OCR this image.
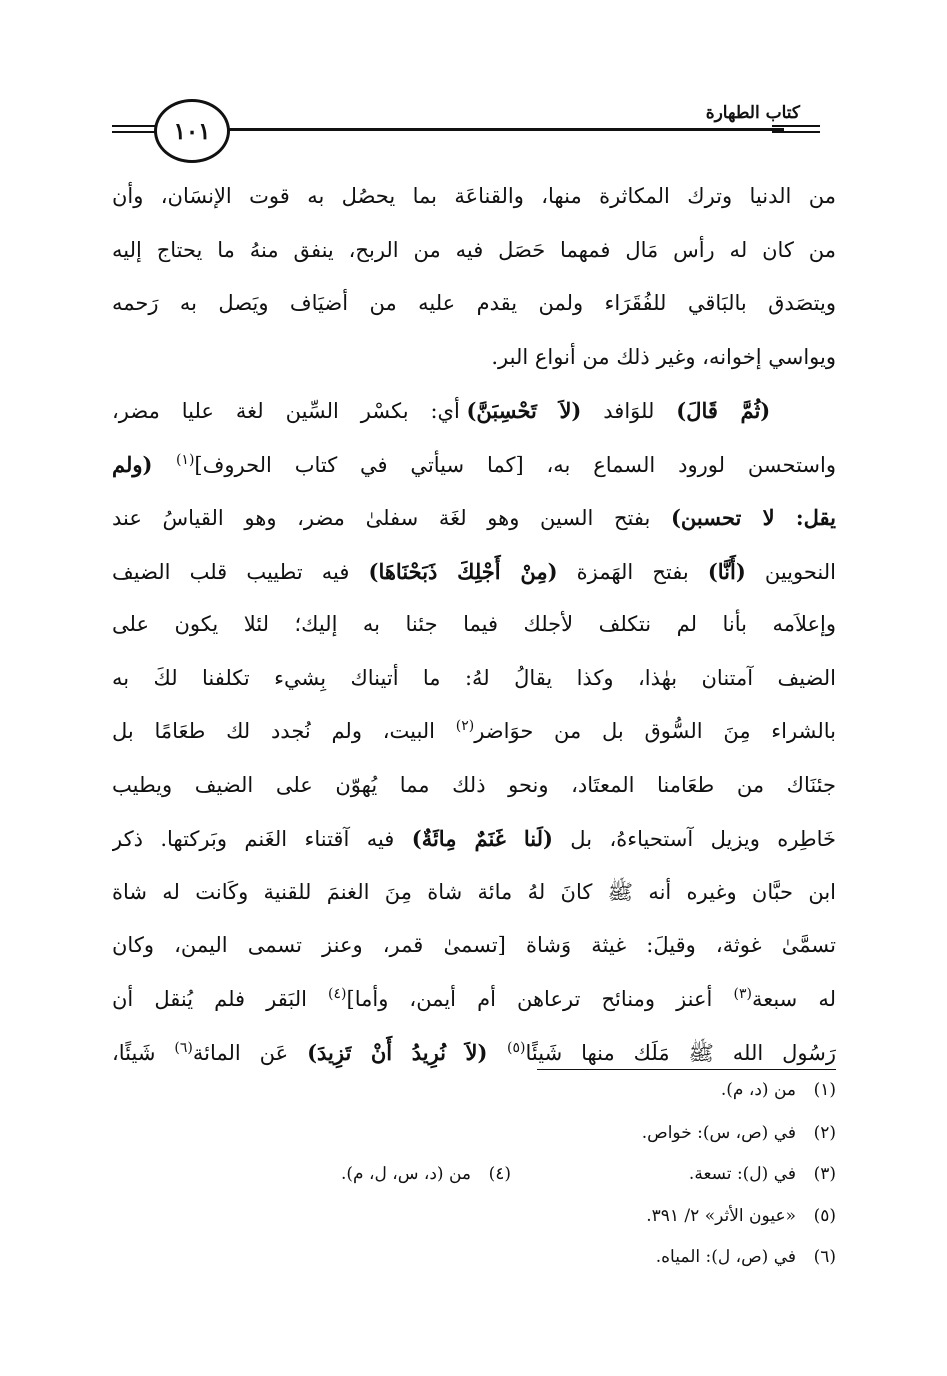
١٠١
كتاب الطهارة
من الدنيا وترك المكاثرة منها، والقناعَة بما يحصُل به قوت الإنسَان، وأن
من كان له رأس مَال فمهما حَصَل فيه من الربح، ينفق منهُ ما يحتاج إليه
ويتصَدق بالبَاقي للفُقَرَاء ولمن يقدم عليه من أضيَاف ويَصل به رَحمه
ويواسي إخوانه، وغير ذلك من أنواع البر.
(ثُمَّ قَالَ) للوَافد (لاَ تَحْسِبَنَّ) أي: بكسْر السِّين لغة عليا مضر،
واستحسن لورود السماع به، [كما سيأتي في كتاب الحروف]$^{(١)}$ (ولم
يقل: لا تحسبن) بفتح السين وهو لغَة سفلىٰ مضر، وهو القياسُ عند
النحويين (أَنَّا) بفتح الهَمزة (مِنْ أَجْلِكَ ذَبَحْنَاهَا) فيه تطييب قلب الضيف
وإعلاَمه بأنا لم نتكلف لأجلك فيما جئنا به إليك؛ لئلا يكون على
الضيف آمتنان بهٰذا، وكذا يقالُ لهُ: ما أتيناك بِشيء تكلفنا لكَ به
بالشراء مِنَ السُّوق بل من حوَاضر$^{(٢)}$ البيت، ولم نُجدد لك طعَامًا بل
جئنَاك من طعَامنا المعتَاد، ونحو ذلك مما يُهوّن على الضيف ويطيب
خَاطِره ويزيل آستحياءهُ، بل (لَنا غَنَمٌ مِائَةٌ) فيه آقتناء الغَنم وبَركتها. ذكر
ابن حبَّان وغيره أنه ﷺ كانَ لهُ مائة شاة مِنَ الغنمَ للقنية وكَانت له شاة
تسمَّىٰ غوثة، وقيلَ: غيثة وَشاة [تسمىٰ قمر، وعنز تسمى اليمن، وكان
له سبعة$^{(٣)}$ أعنز ومنائح ترعاهن أم أيمن، وأما]$^{(٤)}$ البَقر فلم يُنقل أن
رَسُول الله ﷺ مَلَك منها شَيئًا$^{(٥)}$ (لاَ نُرِيدُ أَنْ تَزِيدَ) عَن المائة$^{(٦)}$ شَيئًا،
(١)من (د، م).
(٢)في (ص، س): خواص.
(٣)في (ل): تسعة.
(٤)من (د، س، ل، م).
(٥)«عيون الأثر» ٢/ ٣٩١.
(٦)في (ص، ل): المياه.
